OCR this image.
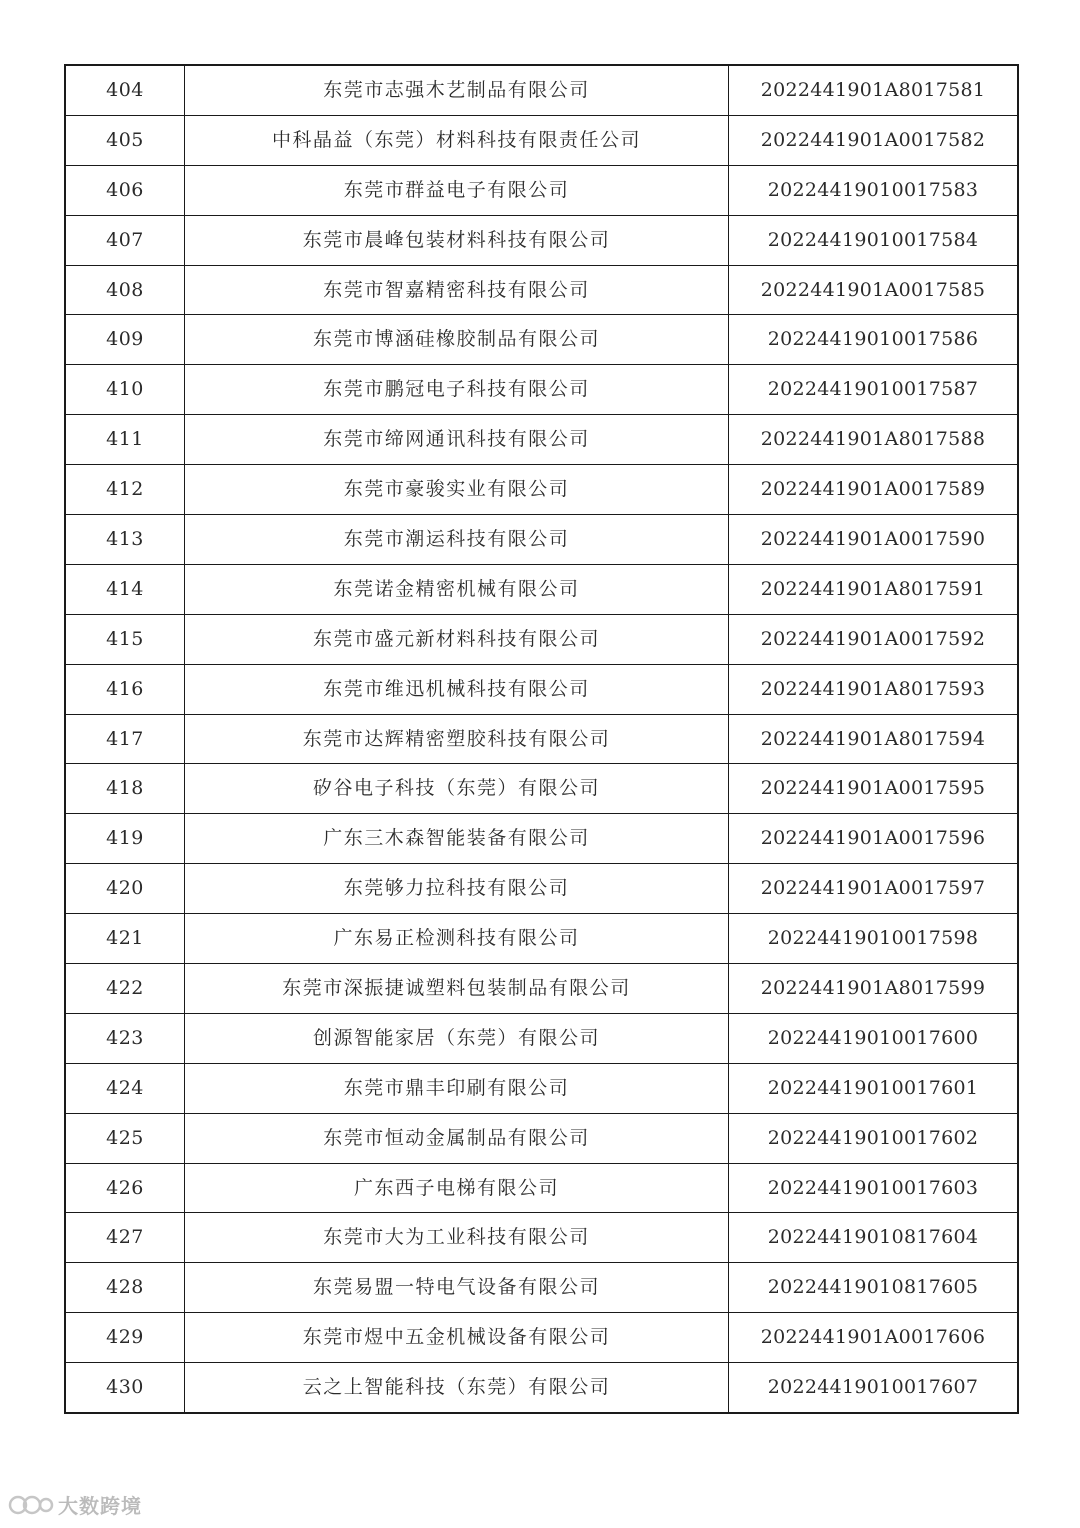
404	东莞市志强木艺制品有限公司	2022441901A8017581
405	中科晶益（东莞）材料科技有限责任公司	2022441901A0017582
406	东莞市群益电子有限公司	20224419010017583
407	东莞市晨峰包装材料科技有限公司	20224419010017584
408	东莞市智嘉精密科技有限公司	2022441901A0017585
409	东莞市博涵硅橡胶制品有限公司	20224419010017586
410	东莞市鹏冠电子科技有限公司	20224419010017587
411	东莞市缔网通讯科技有限公司	2022441901A8017588
412	东莞市豪骏实业有限公司	2022441901A0017589
413	东莞市潮运科技有限公司	2022441901A0017590
414	东莞诺金精密机械有限公司	2022441901A8017591
415	东莞市盛元新材料科技有限公司	2022441901A0017592
416	东莞市维迅机械科技有限公司	2022441901A8017593
417	东莞市达辉精密塑胶科技有限公司	2022441901A8017594
418	矽谷电子科技（东莞）有限公司	2022441901A0017595
419	广东三木森智能装备有限公司	2022441901A0017596
420	东莞够力拉科技有限公司	2022441901A0017597
421	广东易正检测科技有限公司	20224419010017598
422	东莞市深振捷诚塑料包装制品有限公司	2022441901A8017599
423	创源智能家居（东莞）有限公司	20224419010017600
424	东莞市鼎丰印刷有限公司	20224419010017601
425	东莞市恒动金属制品有限公司	20224419010017602
426	广东西子电梯有限公司	20224419010017603
427	东莞市大为工业科技有限公司	20224419010817604
428	东莞易盟一特电气设备有限公司	20224419010817605
429	东莞市煜中五金机械设备有限公司	2022441901A0017606
430	云之上智能科技（东莞）有限公司	20224419010017607
大数跨境
